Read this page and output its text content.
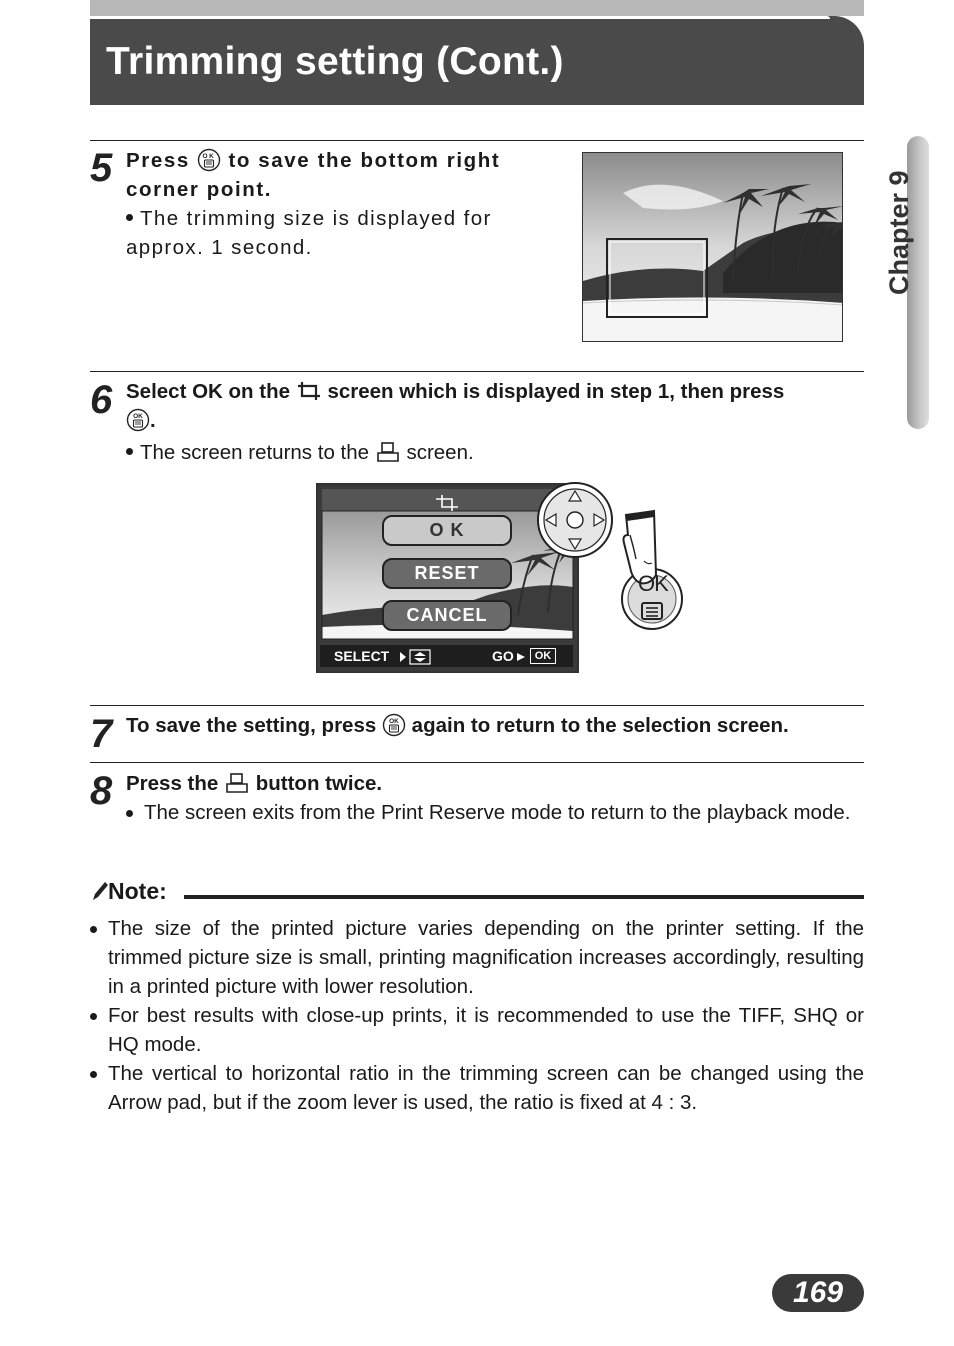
Trimming setting (Cont.)
Chapter 9
5 Press OK to save the bottom right corner point.
The trimming size is displayed for approx. 1 second.
6 Select OK on the screen which is displayed in step 1, then press

OK .
The screen returns to the screen.
O K
RESET
CANCEL
SELECT	GO	OK
OK
7 To save the setting, press OK again to return to the selection screen.
8 Press the button twice.
The screen exits from the Print Reserve mode to return to the playback mode.
Note:
The size of the printed picture varies depending on the printer setting. If the trimmed picture size is small, printing magnification increases accordingly, resulting in a printed picture with lower resolution.
For best results with close-up prints, it is recommended to use the TIFF, SHQ or HQ mode.
The vertical to horizontal ratio in the trimming screen can be changed using the Arrow pad, but if the zoom lever is used, the ratio is fixed at 4 : 3.
169
